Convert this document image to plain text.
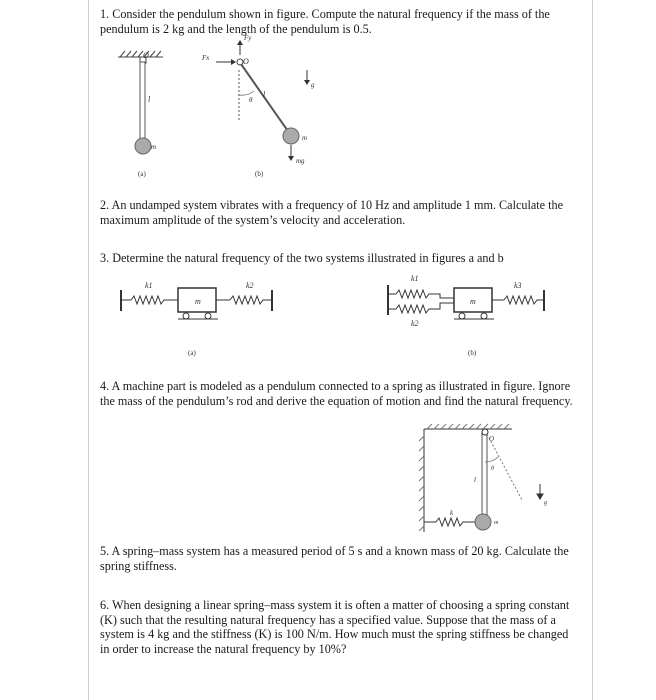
1. Consider the pendulum shown in figure. Compute the natural frequency if the mass of the pendulum is 2 kg and the length of the pendulum is 0.5.
O
l
m
(a)
O
θ
l
m
g
Fx
Fy
mg
(b)
k1
m
k2
(a)
k1
k2
m
k3
(b)
O
l
θ
k
m
g
2. An undamped system vibrates with a frequency of 10 Hz and amplitude 1 mm. Calculate the maximum amplitude of the system’s velocity and acceleration.
3. Determine the natural frequency of the two systems illustrated in figures a and b
4. A machine part is modeled as a pendulum connected to a spring as illustrated in figure. Ignore the mass of the pendulum’s rod and derive the equation of motion and find the natural frequency.
5. A spring–mass system has a measured period of 5 s and a known mass of 20 kg. Calculate the spring stiffness.
6. When designing a linear spring–mass system it is often a matter of choosing a spring constant (K) such that the resulting natural frequency has a specified value. Suppose that the mass of a system is 4 kg and the stiffness (K) is 100 N/m. How much must the spring stiffness be changed in order to increase the natural frequency by 10%?
